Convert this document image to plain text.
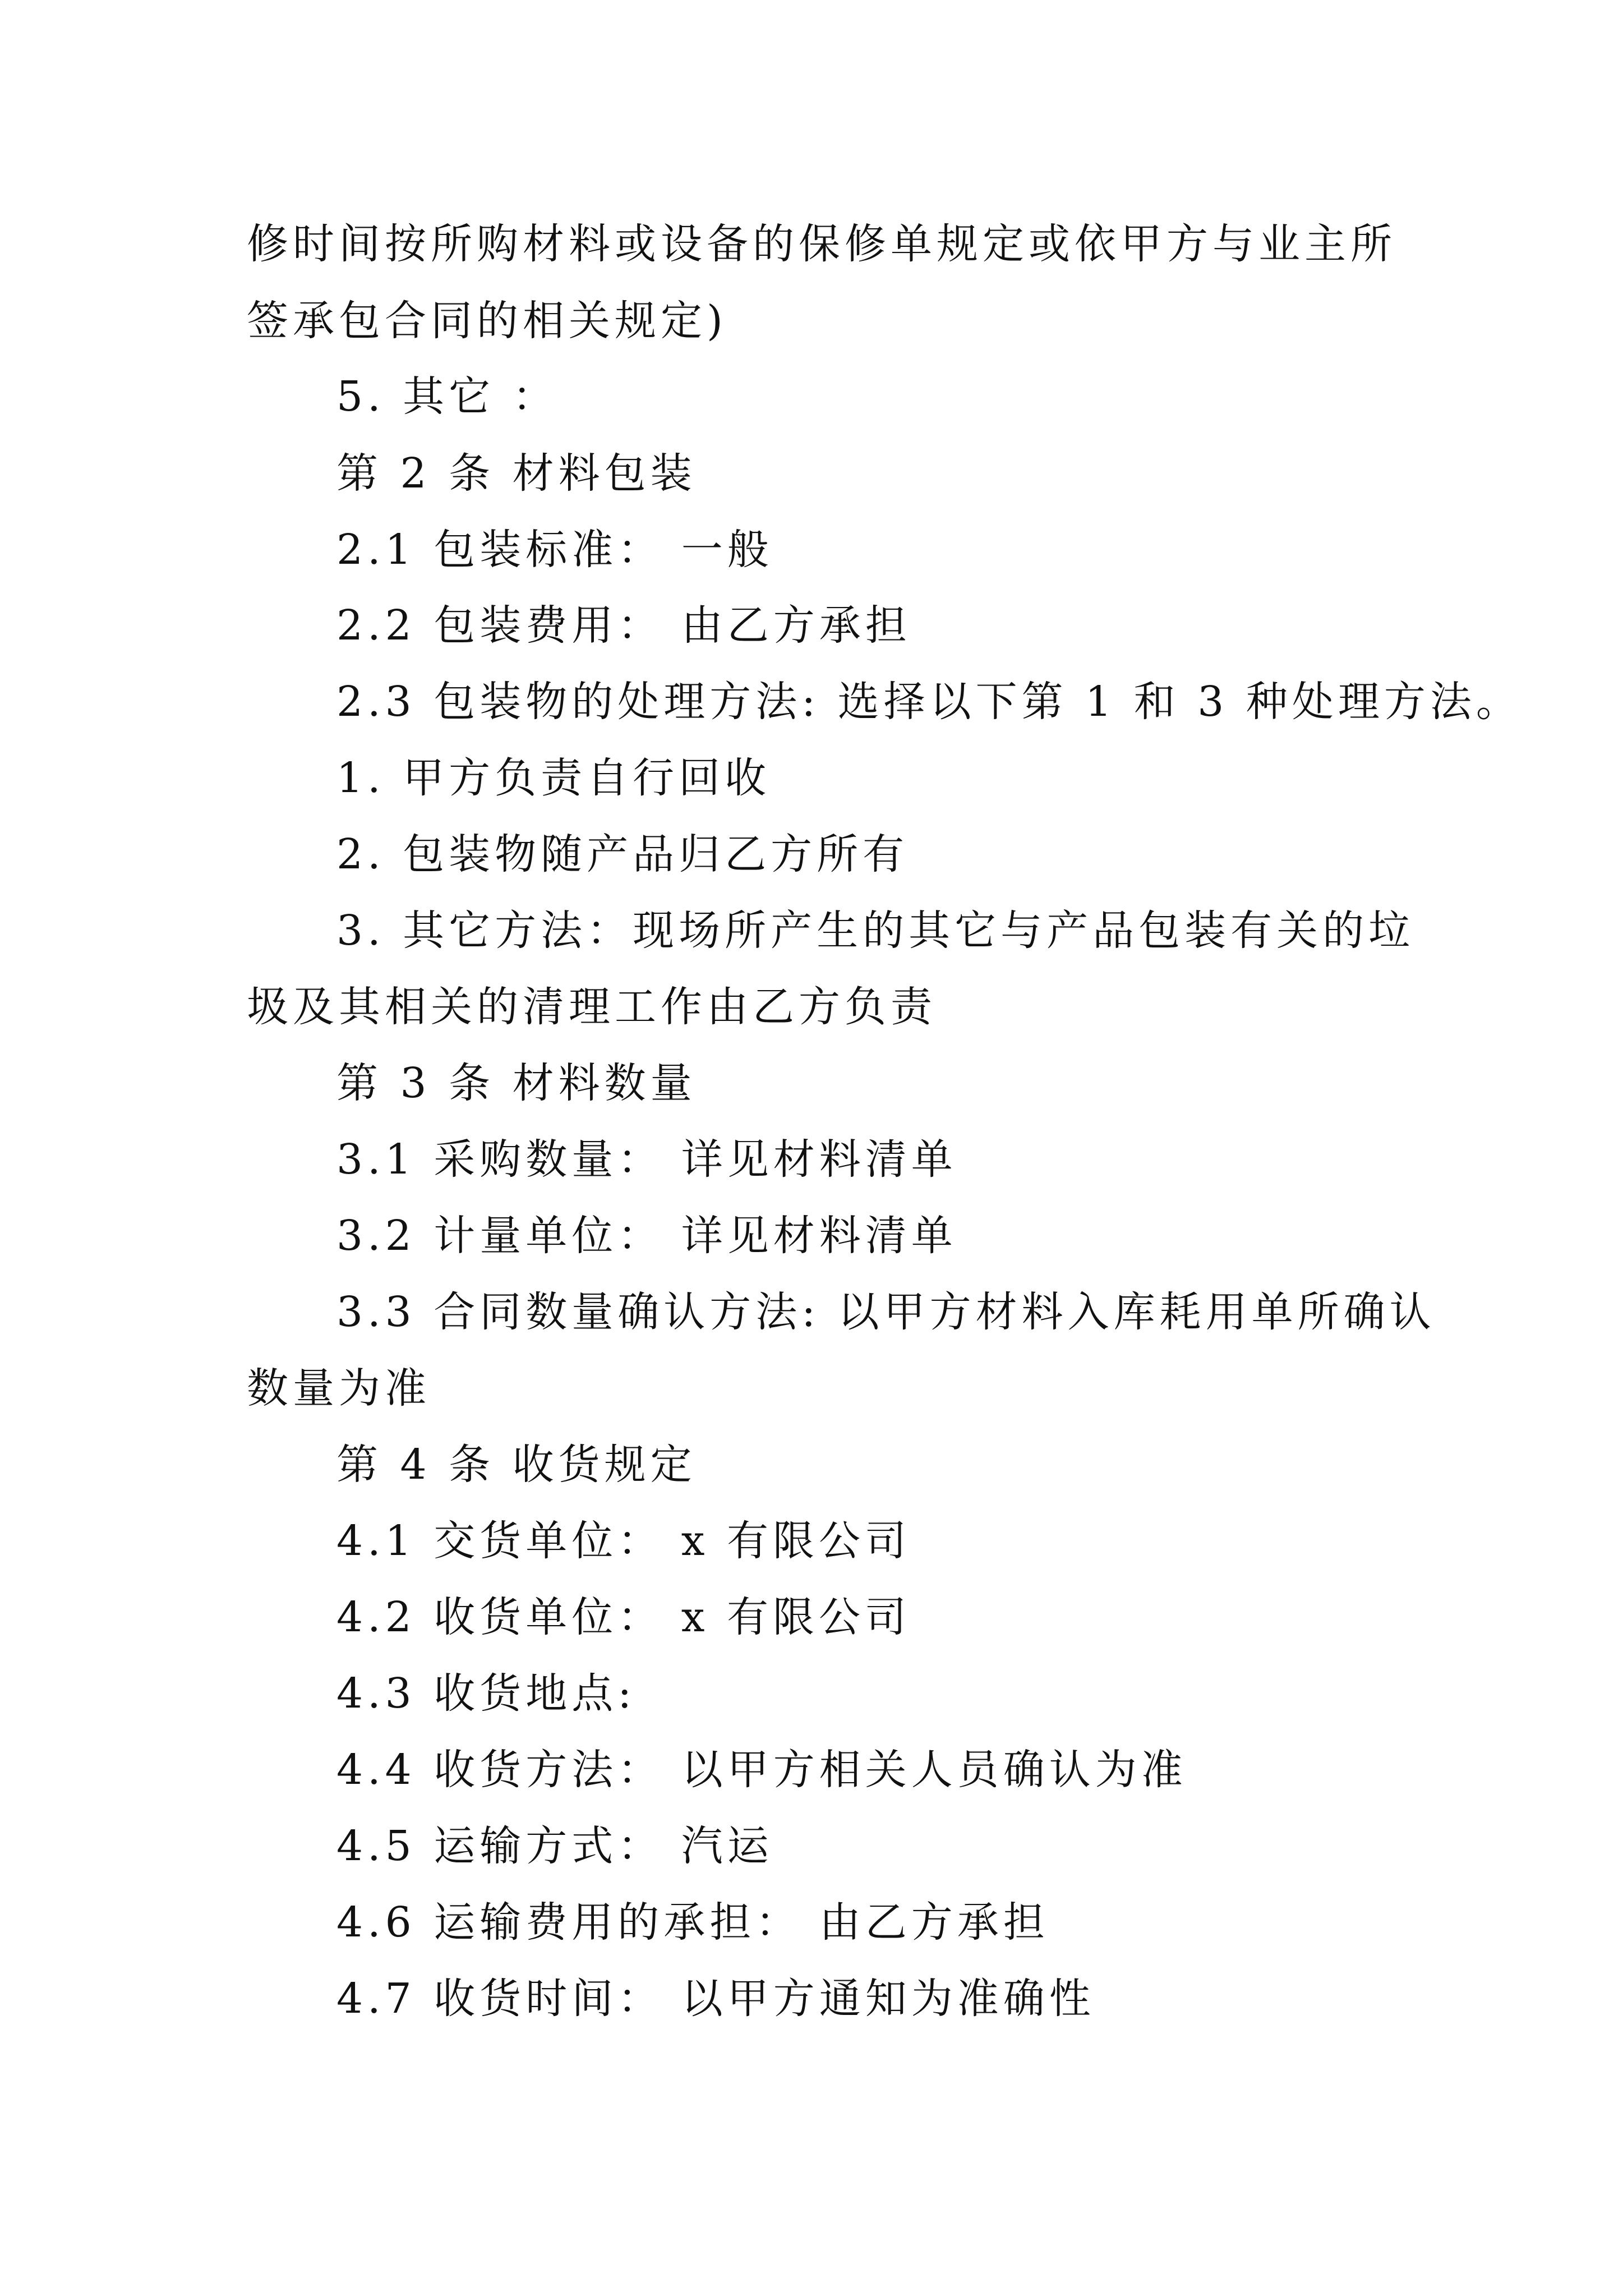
修时间按所购材料或设备的保修单规定或依甲方与业主所
签承包合同的相关规定)
5. 其它 ：
第 2 条 材料包装
2.1 包装标准： 一般
2.2 包装费用： 由乙方承担
2.3 包装物的处理方法: 选择以下第 1 和 3 种处理方法。
1. 甲方负责自行回收
2. 包装物随产品归乙方所有
3. 其它方法：现场所产生的其它与产品包装有关的垃
圾及其相关的清理工作由乙方负责
第 3 条 材料数量
3.1 采购数量： 详见材料清单
3.2 计量单位： 详见材料清单
3.3 合同数量确认方法: 以甲方材料入库耗用单所确认
数量为准
第 4 条 收货规定
4.1 交货单位： x 有限公司
4.2 收货单位： x 有限公司
4.3 收货地点:
4.4 收货方法： 以甲方相关人员确认为准
4.5 运输方式： 汽运
4.6 运输费用的承担： 由乙方承担
4.7 收货时间： 以甲方通知为准确性
